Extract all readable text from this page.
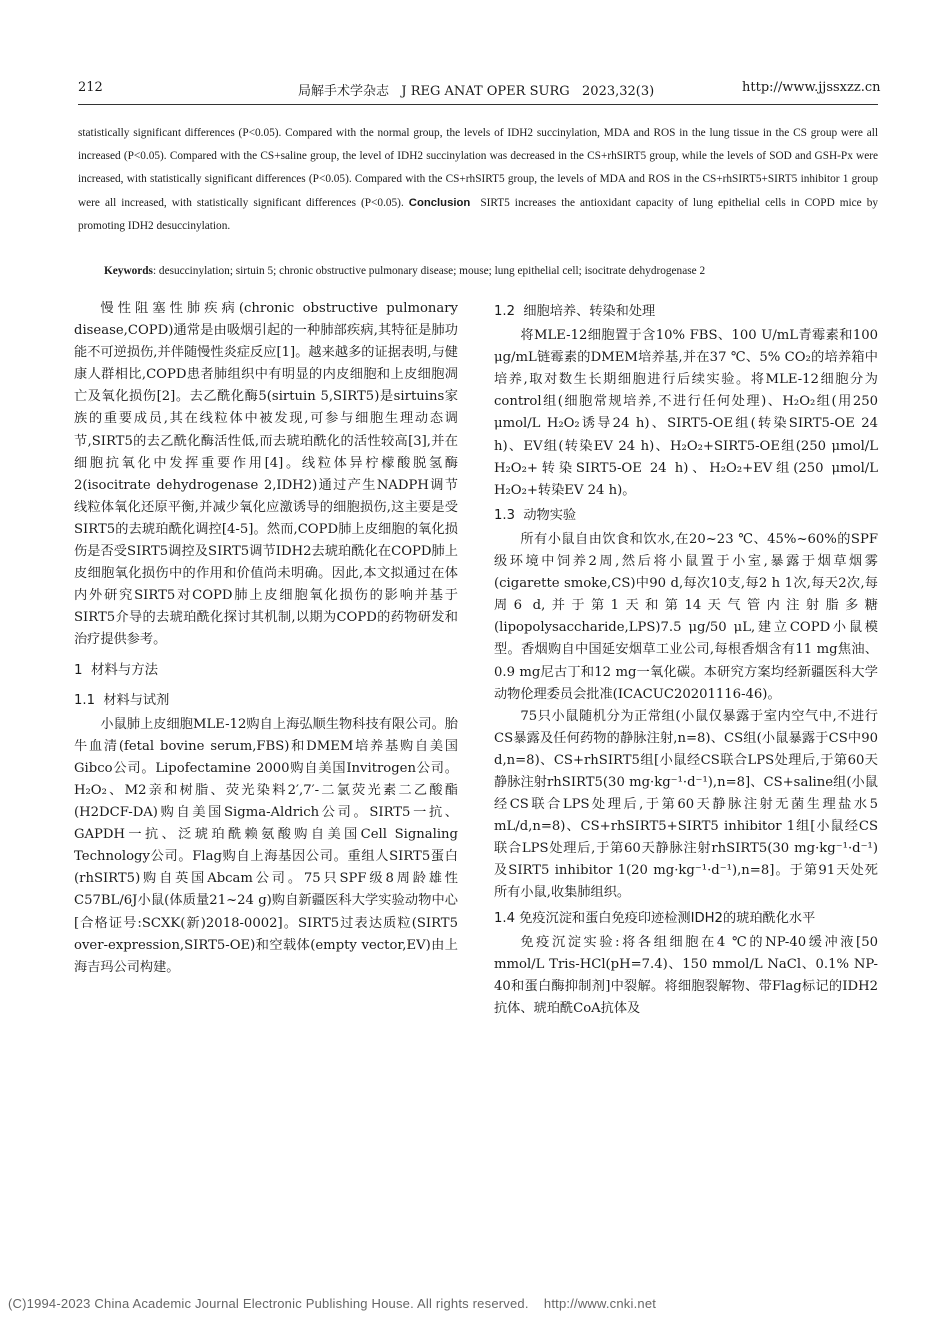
212	局解手术学杂志   J REG ANAT OPER SURG   2023,32(3)	http://www.jjssxzz.cn

statistically significant differences (P<0.05). Compared with the normal group, the levels of IDH2 succinylation, MDA and ROS in the lung tissue in the CS group were all increased (P<0.05). Compared with the CS+saline group, the level of IDH2 succinylation was decreased in the CS+rhSIRT5 group, while the levels of SOD and GSH-Px were increased, with statistically significant differences (P<0.05). Compared with the CS+rhSIRT5 group, the levels of MDA and ROS in the CS+rhSIRT5+SIRT5 inhibitor 1 group were all increased, with statistically significant differences (P<0.05). Conclusion  SIRT5 increases the antioxidant capacity of lung epithelial cells in COPD mice by promoting IDH2 desuccinylation.

Keywords: desuccinylation; sirtuin 5; chronic obstructive pulmonary disease; mouse; lung epithelial cell; isocitrate dehydrogenase 2

慢性阻塞性肺疾病(chronic obstructive pulmonary disease,COPD)通常是由吸烟引起的一种肺部疾病,其特征是肺功能不可逆损伤,并伴随慢性炎症反应[1]。越来越多的证据表明,与健康人群相比,COPD患者肺组织中有明显的内皮细胞和上皮细胞凋亡及氧化损伤[2]。去乙酰化酶5(sirtuin 5,SIRT5)是sirtuins家族的重要成员,其在线粒体中被发现,可参与细胞生理动态调节,SIRT5的去乙酰化酶活性低,而去琥珀酰化的活性较高[3],并在细胞抗氧化中发挥重要作用[4]。线粒体异柠檬酸脱氢酶2(isocitrate dehydrogenase 2,IDH2)通过产生NADPH调节线粒体氧化还原平衡,并减少氧化应激诱导的细胞损伤,这主要是受SIRT5的去琥珀酰化调控[4-5]。然而,COPD肺上皮细胞的氧化损伤是否受SIRT5调控及SIRT5调节IDH2去琥珀酰化在COPD肺上皮细胞氧化损伤中的作用和价值尚未明确。因此,本文拟通过在体内外研究SIRT5对COPD肺上皮细胞氧化损伤的影响并基于SIRT5介导的去琥珀酰化探讨其机制,以期为COPD的药物研发和治疗提供参考。

1  材料与方法

1.1  材料与试剂

小鼠肺上皮细胞MLE-12购自上海弘顺生物科技有限公司。胎牛血清(fetal bovine serum,FBS)和DMEM培养基购自美国Gibco公司。Lipofectamine 2000购自美国Invitrogen公司。H₂O₂、M2亲和树脂、荧光染料2′,7′-二氯荧光素二乙酸酯(H2DCF-DA)购自美国Sigma-Aldrich公司。SIRT5一抗、GAPDH一抗、泛琥珀酰赖氨酸购自美国Cell Signaling Technology公司。Flag购自上海基因公司。重组人SIRT5蛋白(rhSIRT5)购自英国Abcam公司。75只SPF级8周龄雄性C57BL/6J小鼠(体质量21~24 g)购自新疆医科大学实验动物中心[合格证号:SCXK(新)2018-0002]。SIRT5过表达质粒(SIRT5 over-expression,SIRT5-OE)和空载体(empty vector,EV)由上海吉玛公司构建。

1.2  细胞培养、转染和处理

将MLE-12细胞置于含10% FBS、100 U/mL青霉素和100 μg/mL链霉素的DMEM培养基,并在37 ℃、5% CO₂的培养箱中培养,取对数生长期细胞进行后续实验。将MLE-12细胞分为control组(细胞常规培养,不进行任何处理)、H₂O₂组(用250 μmol/L H₂O₂诱导24 h)、SIRT5-OE组(转染SIRT5-OE 24 h)、EV组(转染EV 24 h)、H₂O₂+SIRT5-OE组(250 μmol/L H₂O₂+转染SIRT5-OE 24 h)、H₂O₂+EV组(250 μmol/L H₂O₂+转染EV 24 h)。

1.3  动物实验

所有小鼠自由饮食和饮水,在20~23 ℃、45%~60%的SPF级环境中饲养2周,然后将小鼠置于小室,暴露于烟草烟雾(cigarette smoke,CS)中90 d,每次10支,每2 h 1次,每天2次,每周6 d,并于第1天和第14天气管内注射脂多糖(lipopolysaccharide,LPS)7.5 μg/50 μL,建立COPD小鼠模型。香烟购自中国延安烟草工业公司,每根香烟含有11 mg焦油、0.9 mg尼古丁和12 mg一氧化碳。本研究方案均经新疆医科大学动物伦理委员会批准(ICACUC20201116-46)。

75只小鼠随机分为正常组(小鼠仅暴露于室内空气中,不进行CS暴露及任何药物的静脉注射,n=8)、CS组(小鼠暴露于CS中90 d,n=8)、CS+rhSIRT5组[小鼠经CS联合LPS处理后,于第60天静脉注射rhSIRT5(30 mg·kg⁻¹·d⁻¹),n=8]、CS+saline组(小鼠经CS联合LPS处理后,于第60天静脉注射无菌生理盐水5 mL/d,n=8)、CS+rhSIRT5+SIRT5 inhibitor 1组[小鼠经CS联合LPS处理后,于第60天静脉注射rhSIRT5(30 mg·kg⁻¹·d⁻¹)及SIRT5 inhibitor 1(20 mg·kg⁻¹·d⁻¹),n=8]。于第91天处死所有小鼠,收集肺组织。

1.4 免疫沉淀和蛋白免疫印迹检测IDH2的琥珀酰化水平

免疫沉淀实验:将各组细胞在4 ℃的NP-40缓冲液[50 mmol/L Tris-HCl(pH=7.4)、150 mmol/L NaCl、0.1% NP-40和蛋白酶抑制剂]中裂解。将细胞裂解物、带Flag标记的IDH2抗体、琥珀酰CoA抗体及

(C)1994-2023 China Academic Journal Electronic Publishing House. All rights reserved.    http://www.cnki.net
